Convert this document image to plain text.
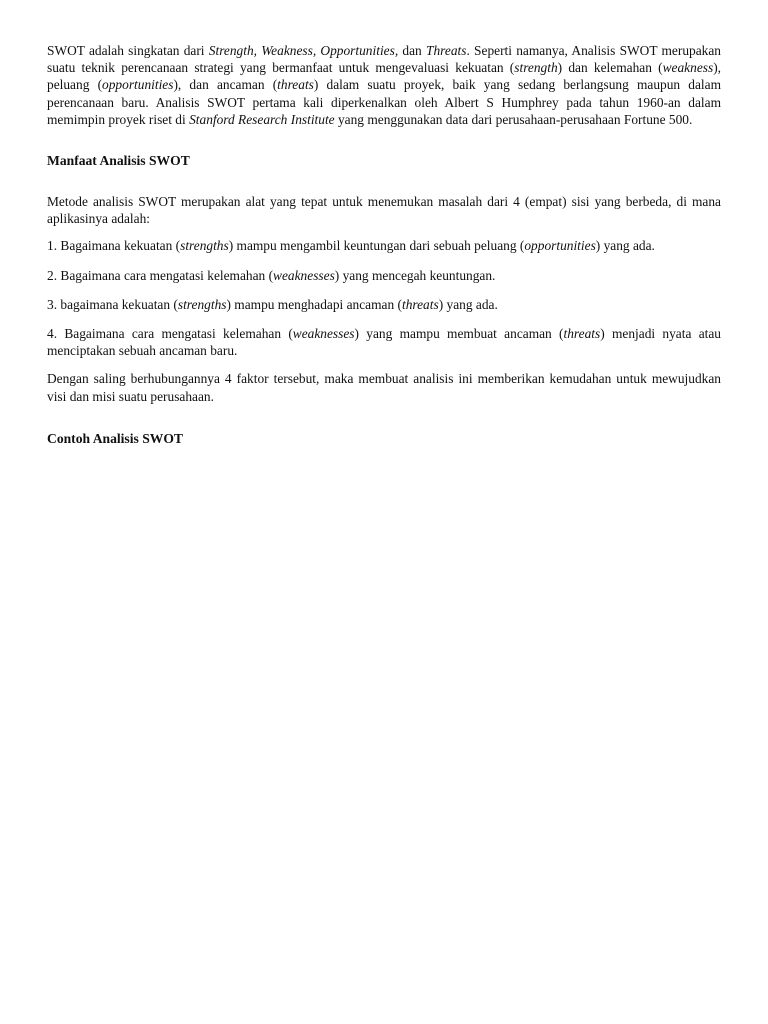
SWOT adalah singkatan dari Strength, Weakness, Opportunities, dan Threats. Seperti namanya, Analisis SWOT merupakan suatu teknik perencanaan strategi yang bermanfaat untuk mengevaluasi kekuatan (strength) dan kelemahan (weakness), peluang (opportunities), dan ancaman (threats) dalam suatu proyek, baik yang sedang berlangsung maupun dalam perencanaan baru. Analisis SWOT pertama kali diperkenalkan oleh Albert S Humphrey pada tahun 1960-an dalam memimpin proyek riset di Stanford Research Institute yang menggunakan data dari perusahaan-perusahaan Fortune 500.

Manfaat Analisis SWOT

Metode analisis SWOT merupakan alat yang tepat untuk menemukan masalah dari 4 (empat) sisi yang berbeda, di mana aplikasinya adalah:

1. Bagaimana kekuatan (strengths) mampu mengambil keuntungan dari sebuah peluang (opportunities) yang ada.

2. Bagaimana cara mengatasi kelemahan (weaknesses) yang mencegah keuntungan.

3. bagaimana kekuatan (strengths) mampu menghadapi ancaman (threats) yang ada.

4. Bagaimana cara mengatasi kelemahan (weaknesses) yang mampu membuat ancaman (threats) menjadi nyata atau menciptakan sebuah ancaman baru.

Dengan saling berhubungannya 4 faktor tersebut, maka membuat analisis ini memberikan kemudahan untuk mewujudkan visi dan misi suatu perusahaan.

Contoh Analisis SWOT
